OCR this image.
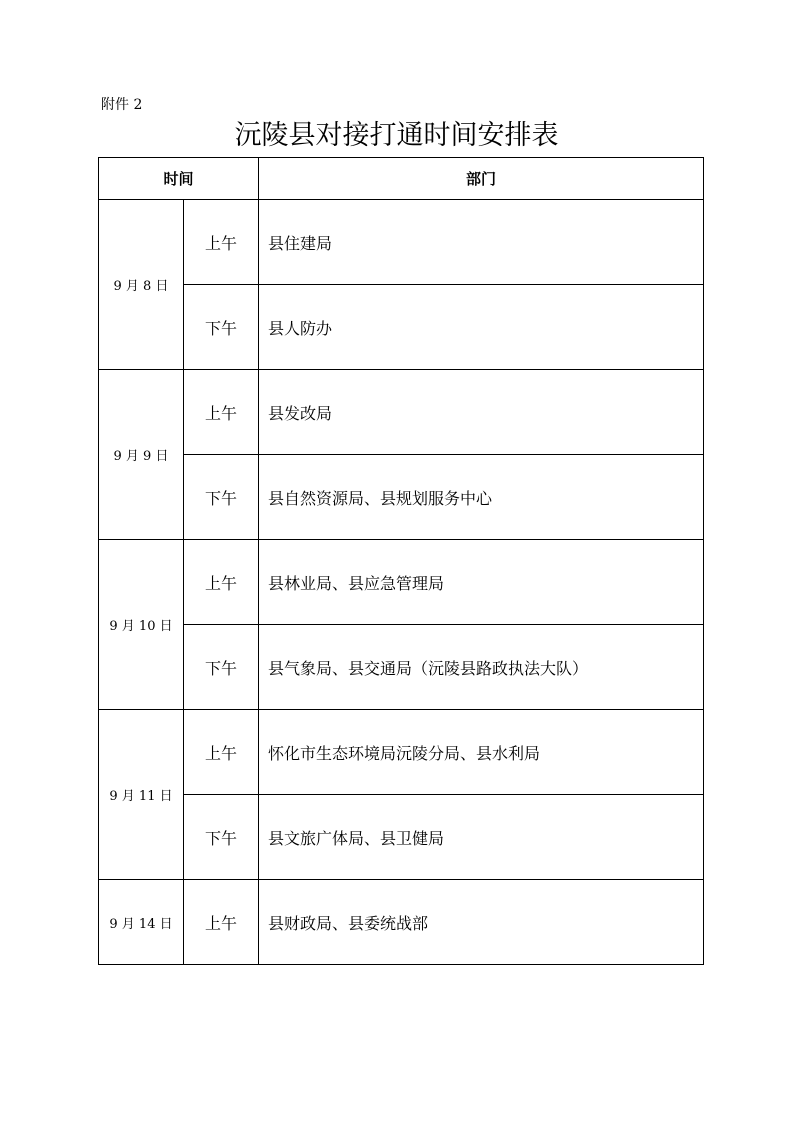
附件 2
沅陵县对接打通时间安排表
时间		部门
9 月 8 日	上午	县住建局
	下午	县人防办
9 月 9 日	上午	县发改局
	下午	县自然资源局、县规划服务中心
9 月 10 日	上午	县林业局、县应急管理局
	下午	县气象局、县交通局（沅陵县路政执法大队）
9 月 11 日	上午	怀化市生态环境局沅陵分局、县水利局
	下午	县文旅广体局、县卫健局
9 月 14 日	上午	县财政局、县委统战部
